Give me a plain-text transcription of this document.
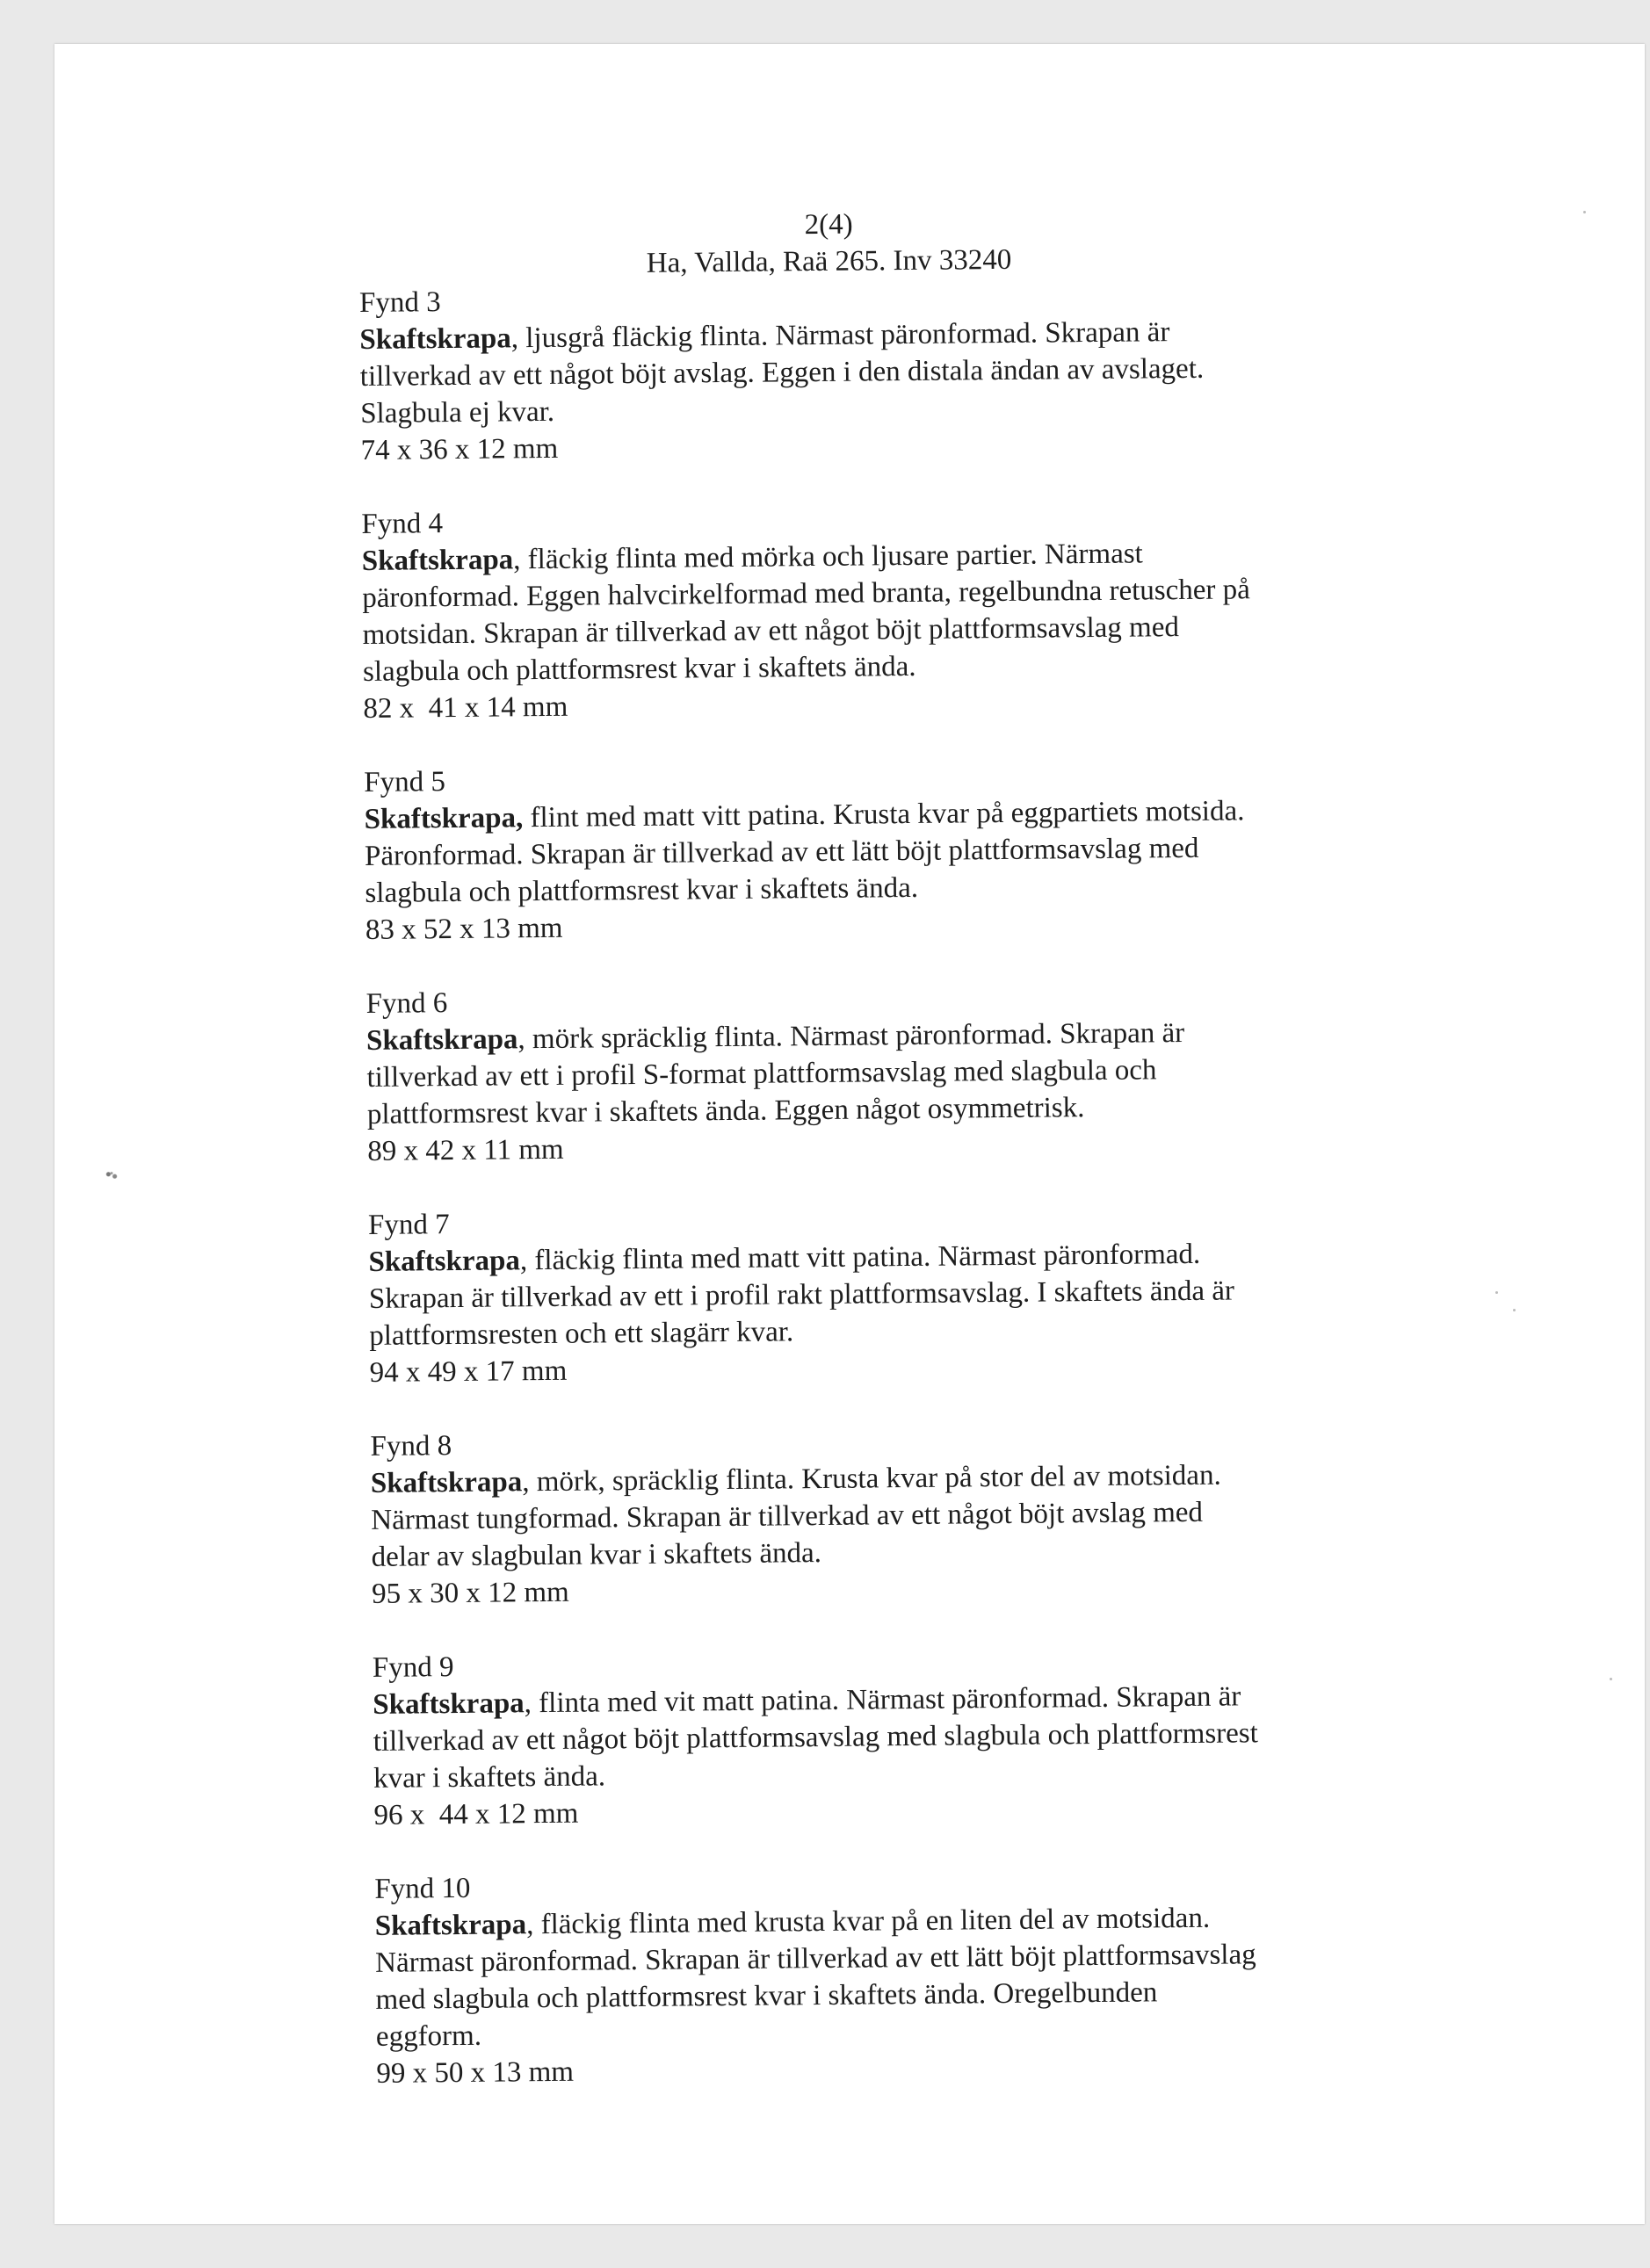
2(4)
Ha, Vallda, Raä 265. Inv 33240
Fynd 3
Skaftskrapa, ljusgrå fläckig flinta. Närmast päronformad. Skrapan är
tillverkad av ett något böjt avslag. Eggen i den distala ändan av avslaget.
Slagbula ej kvar.
74 x 36 x 12 mm
Fynd 4
Skaftskrapa, fläckig flinta med mörka och ljusare partier. Närmast
päronformad. Eggen halvcirkelformad med branta, regelbundna retuscher på
motsidan. Skrapan är tillverkad av ett något böjt plattformsavslag med
slagbula och plattformsrest kvar i skaftets ända.
82 x  41 x 14 mm
Fynd 5
Skaftskrapa, flint med matt vitt patina. Krusta kvar på eggpartiets motsida.
Päronformad. Skrapan är tillverkad av ett lätt böjt plattformsavslag med
slagbula och plattformsrest kvar i skaftets ända.
83 x 52 x 13 mm
Fynd 6
Skaftskrapa, mörk spräcklig flinta. Närmast päronformad. Skrapan är
tillverkad av ett i profil S-format plattformsavslag med slagbula och
plattformsrest kvar i skaftets ända. Eggen något osymmetrisk.
89 x 42 x 11 mm
Fynd 7
Skaftskrapa, fläckig flinta med matt vitt patina. Närmast päronformad.
Skrapan är tillverkad av ett i profil rakt plattformsavslag. I skaftets ända är
plattformsresten och ett slagärr kvar.
94 x 49 x 17 mm
Fynd 8
Skaftskrapa, mörk, spräcklig flinta. Krusta kvar på stor del av motsidan.
Närmast tungformad. Skrapan är tillverkad av ett något böjt avslag med
delar av slagbulan kvar i skaftets ända.
95 x 30 x 12 mm
Fynd 9
Skaftskrapa, flinta med vit matt patina. Närmast päronformad. Skrapan är
tillverkad av ett något böjt plattformsavslag med slagbula och plattformsrest
kvar i skaftets ända.
96 x  44 x 12 mm
Fynd 10
Skaftskrapa, fläckig flinta med krusta kvar på en liten del av motsidan.
Närmast päronformad. Skrapan är tillverkad av ett lätt böjt plattformsavslag
med slagbula och plattformsrest kvar i skaftets ända. Oregelbunden
eggform.
99 x 50 x 13 mm
